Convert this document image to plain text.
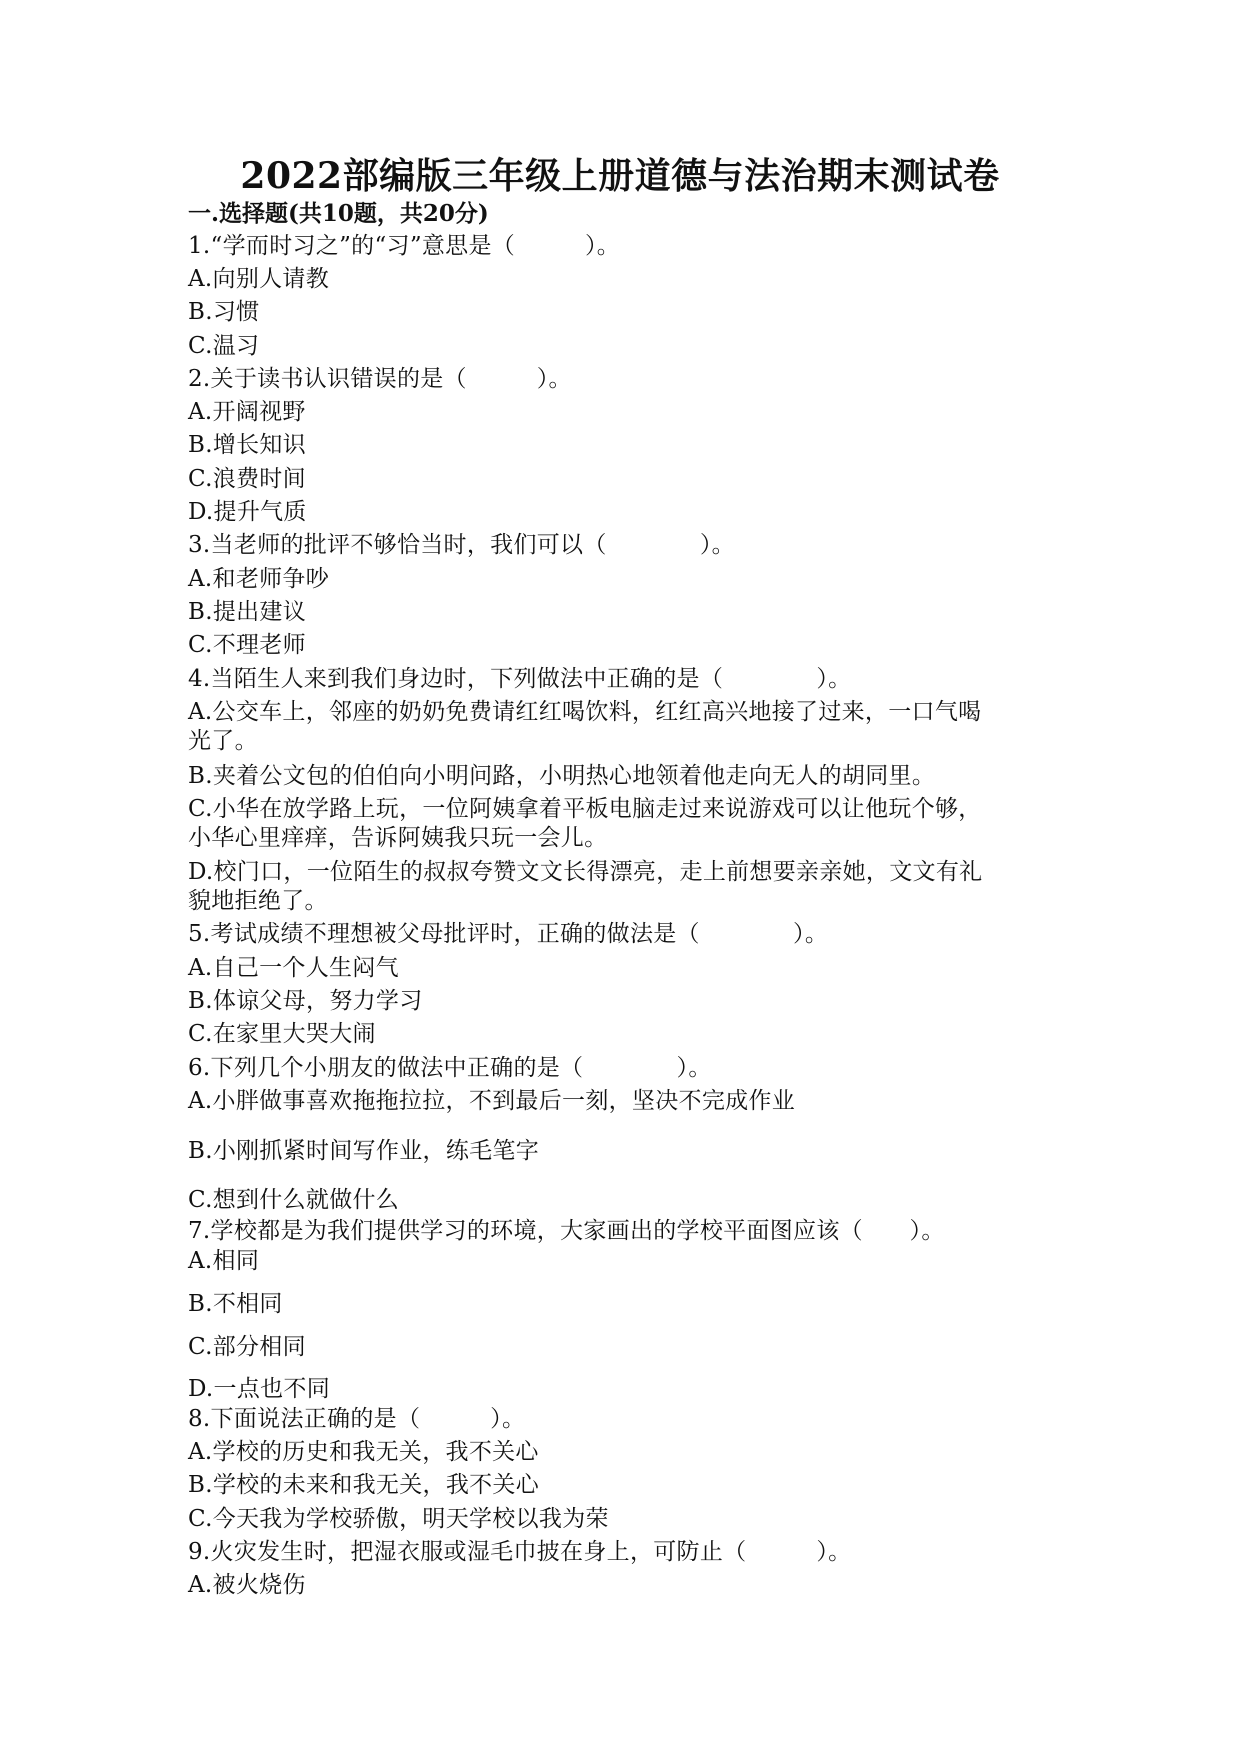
2022部编版三年级上册道德与法治期末测试卷
一.选择题(共10题，共20分)
1.“学而时习之”的“习”意思是（　　　）。
A.向别人请教
B.习惯
C.温习
2.关于读书认识错误的是（　　　）。
A.开阔视野
B.增长知识
C.浪费时间
D.提升气质
3.当老师的批评不够恰当时，我们可以（　　　　）。
A.和老师争吵
B.提出建议
C.不理老师
4.当陌生人来到我们身边时，下列做法中正确的是（　　　　）。
A.公交车上，邻座的奶奶免费请红红喝饮料，红红高兴地接了过来，一口气喝
光了。
B.夹着公文包的伯伯向小明问路，小明热心地领着他走向无人的胡同里。
C.小华在放学路上玩，一位阿姨拿着平板电脑走过来说游戏可以让他玩个够，
小华心里痒痒，告诉阿姨我只玩一会儿。
D.校门口，一位陌生的叔叔夸赞文文长得漂亮，走上前想要亲亲她，文文有礼
貌地拒绝了。
5.考试成绩不理想被父母批评时，正确的做法是（　　　　）。
A.自己一个人生闷气
B.体谅父母，努力学习
C.在家里大哭大闹
6.下列几个小朋友的做法中正确的是（　　　　）。
A.小胖做事喜欢拖拖拉拉，不到最后一刻，坚决不完成作业
B.小刚抓紧时间写作业，练毛笔字
C.想到什么就做什么
7.学校都是为我们提供学习的环境，大家画出的学校平面图应该（　　）。
A.相同
B.不相同
C.部分相同
D.一点也不同
8.下面说法正确的是（　　　）。
A.学校的历史和我无关，我不关心
B.学校的未来和我无关，我不关心
C.今天我为学校骄傲，明天学校以我为荣
9.火灾发生时，把湿衣服或湿毛巾披在身上，可防止（　　　）。
A.被火烧伤
